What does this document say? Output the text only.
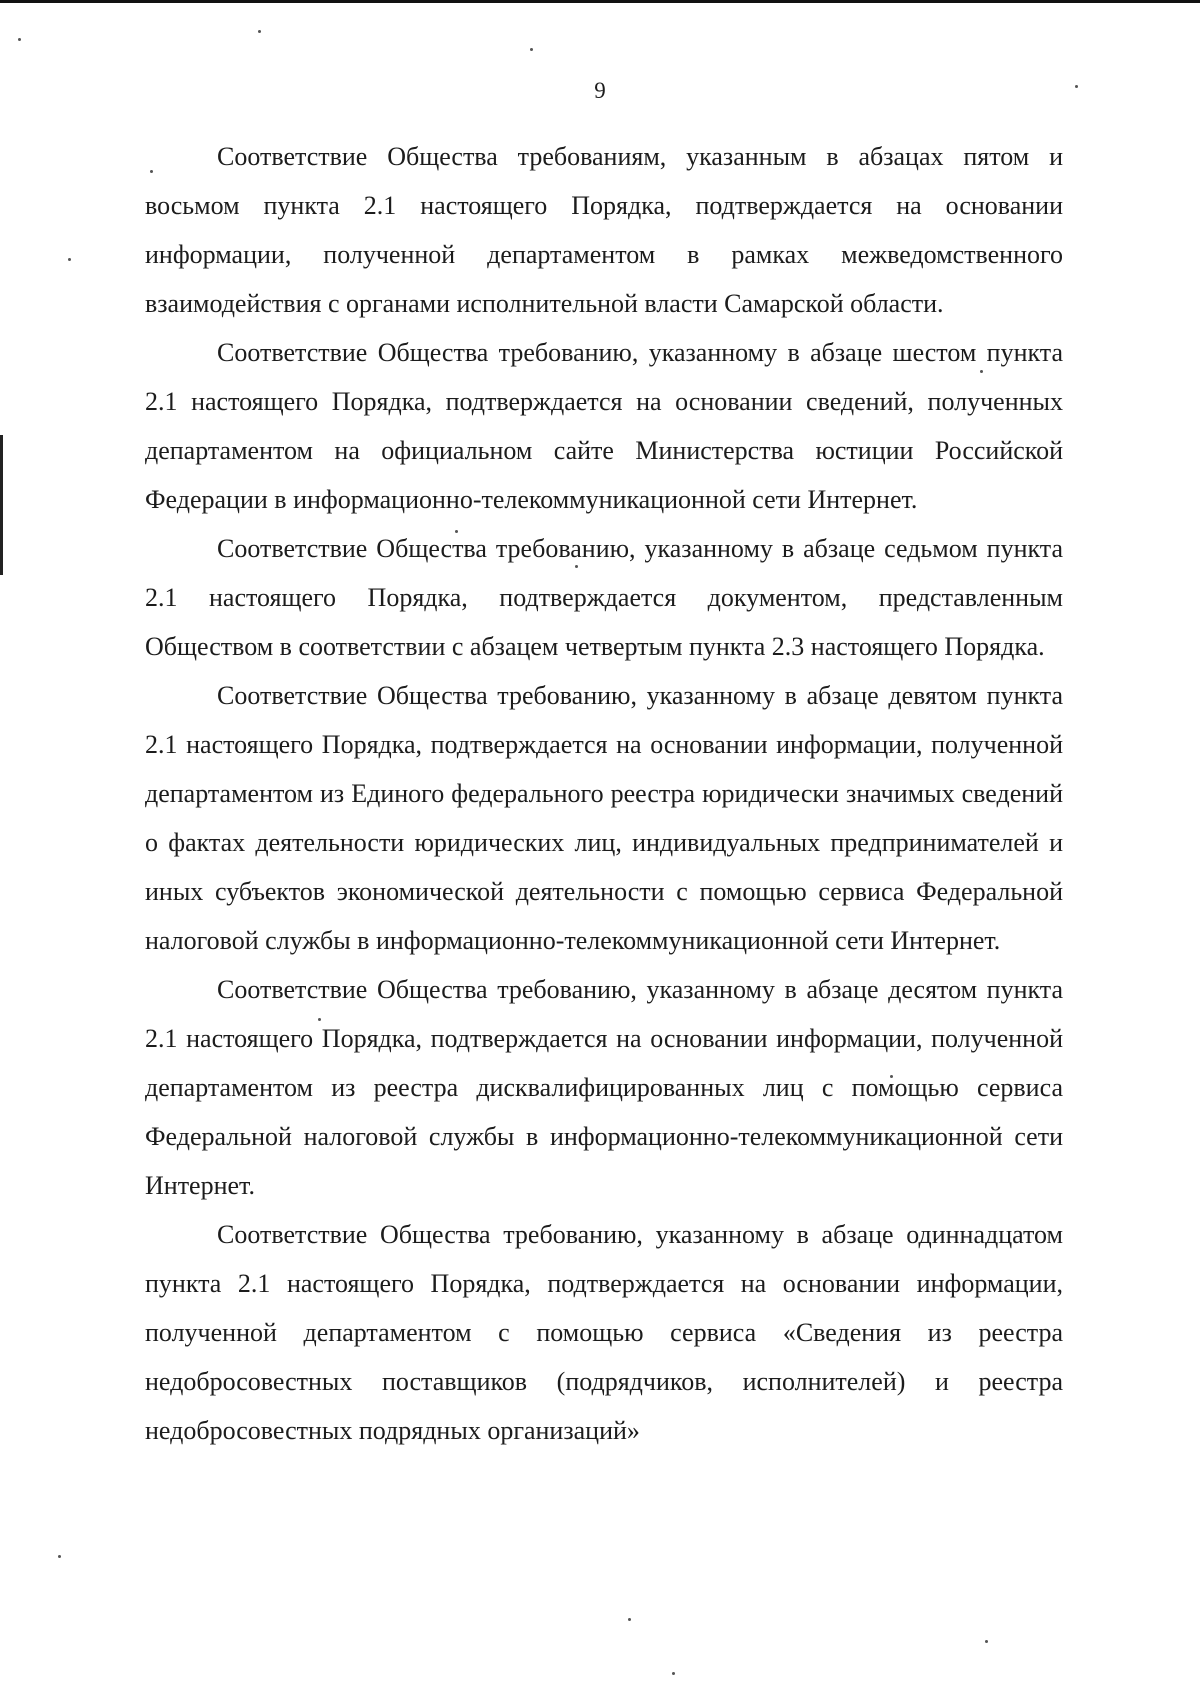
9

Соответствие Общества требованиям, указанным в абзацах пятом и восьмом пункта 2.1 настоящего Порядка, подтверждается на основании информации, полученной департаментом в рамках межведомственного взаимодействия с органами исполнительной власти Самарской области.

Соответствие Общества требованию, указанному в абзаце шестом пункта 2.1 настоящего Порядка, подтверждается на основании сведений, полученных департаментом на официальном сайте Министерства юстиции Российской Федерации в информационно-телекоммуникационной сети Интернет.

Соответствие Общества требованию, указанному в абзаце седьмом пункта 2.1 настоящего Порядка, подтверждается документом, представленным Обществом в соответствии с абзацем четвертым пункта 2.3 настоящего Порядка.

Соответствие Общества требованию, указанному в абзаце девятом пункта 2.1 настоящего Порядка, подтверждается на основании информации, полученной департаментом из Единого федерального реестра юридически значимых сведений о фактах деятельности юридических лиц, индивидуальных предпринимателей и иных субъектов экономической деятельности с помощью сервиса Федеральной налоговой службы в информационно-телекоммуникационной сети Интернет.

Соответствие Общества требованию, указанному в абзаце десятом пункта 2.1 настоящего Порядка, подтверждается на основании информации, полученной департаментом из реестра дисквалифицированных лиц с помощью сервиса Федеральной налоговой службы в информационно-телекоммуникационной сети Интернет.

Соответствие Общества требованию, указанному в абзаце одиннадцатом пункта 2.1 настоящего Порядка, подтверждается на основании информации, полученной департаментом с помощью сервиса «Сведения из реестра недобросовестных поставщиков (подрядчиков, исполнителей) и реестра недобросовестных подрядных организаций»
